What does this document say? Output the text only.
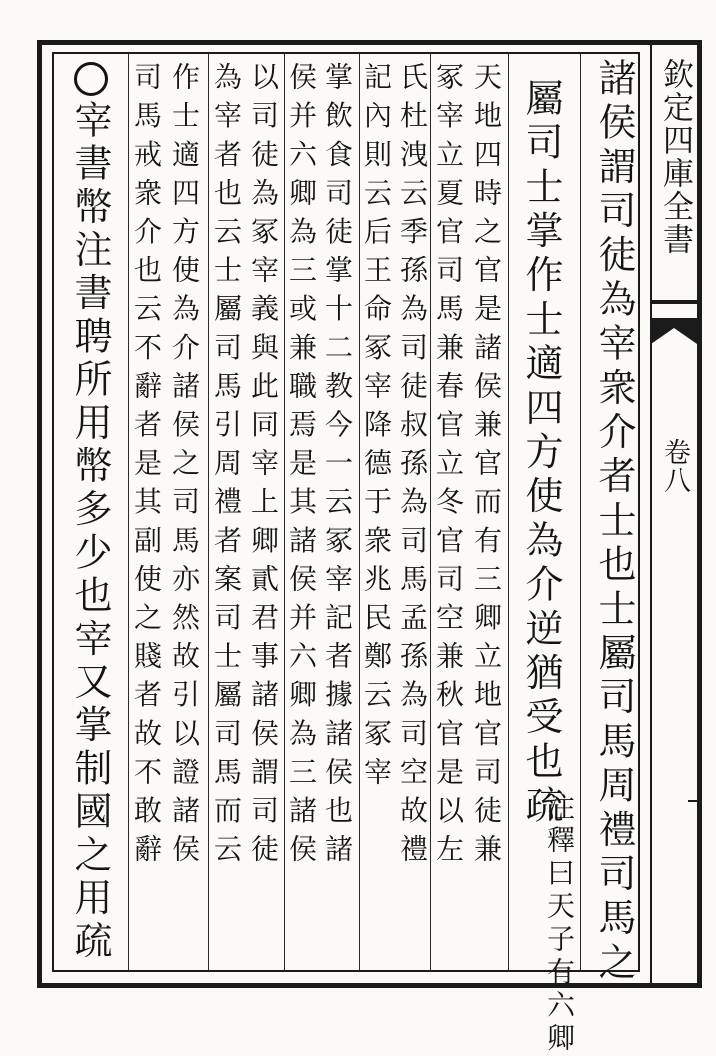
欽定四庫全書
卷八
諸侯謂司徒為宰衆介者士也士屬司馬周禮司馬之
屬司士掌作士適四方使為介逆猶受也疏
注釋曰天子有六卿
天地四時之官是諸侯兼官而有三卿立地官司徒兼
冢宰立夏官司馬兼春官立冬官司空兼秋官是以左
氏杜洩云季孫為司徒叔孫為司馬孟孫為司空故禮
記內則云后王命冢宰降德于衆兆民鄭云冢宰
掌飲食司徒掌十二教今一云冢宰記者據諸侯也諸
侯并六卿為三或兼職焉是其諸侯并六卿為三諸侯
以司徒為冢宰義與此同宰上卿貳君事諸侯謂司徒
為宰者也云士屬司馬引周禮者案司士屬司馬而云
作士適四方使為介諸侯之司馬亦然故引以證諸侯
司馬戒衆介也云不辭者是其副使之賤者故不敢辭
宰書幣注書聘所用幣多少也宰又掌制國之用疏
